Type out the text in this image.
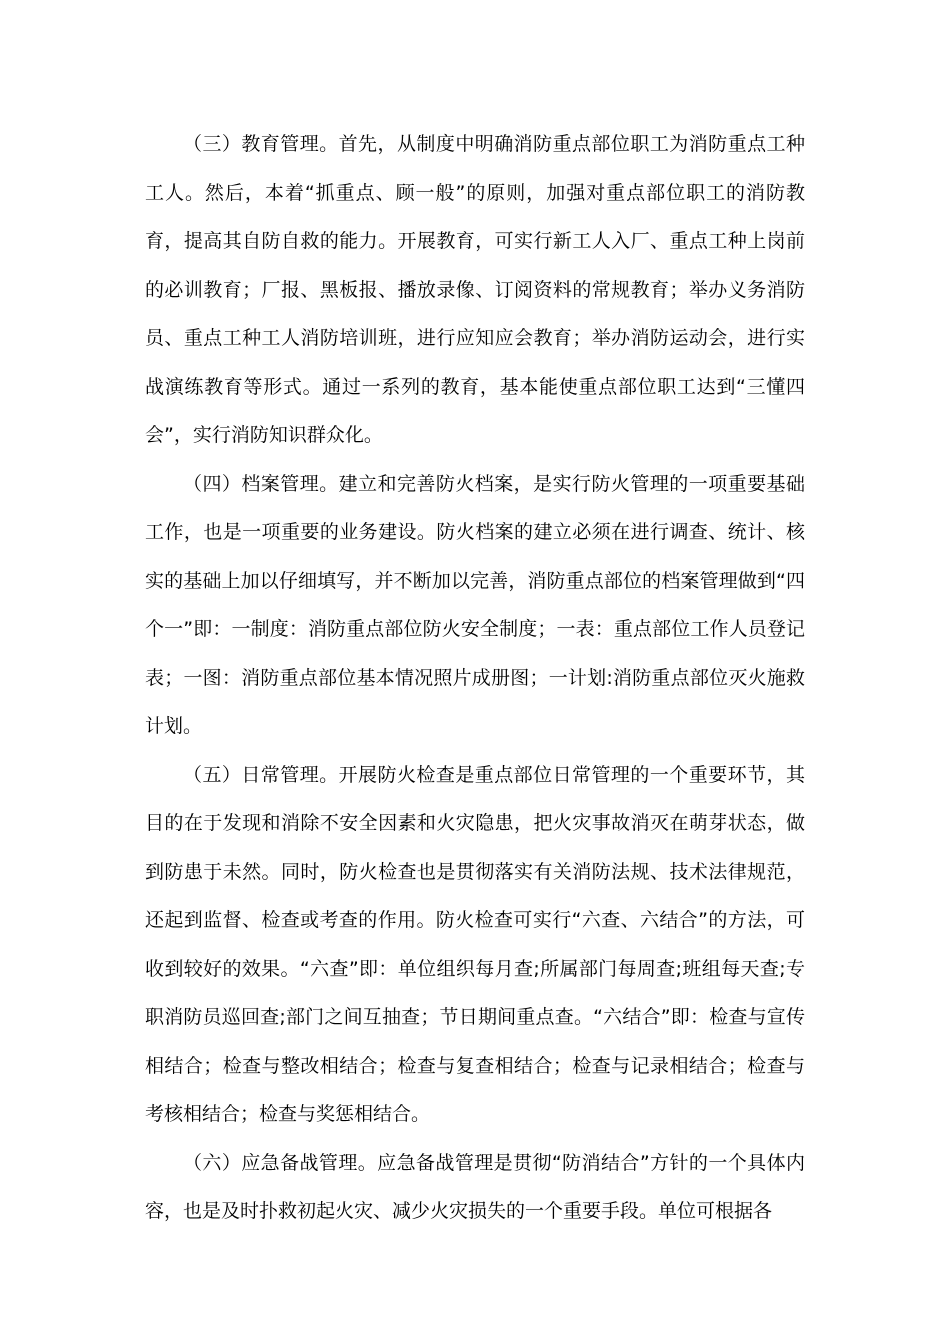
（三）教育管理。首先，从制度中明确消防重点部位职工为消防重点工种工人。然后，本着“抓重点、顾一般”的原则，加强对重点部位职工的消防教育，提高其自防自救的能力。开展教育，可实行新工人入厂、重点工种上岗前的必训教育；厂报、黑板报、播放录像、订阅资料的常规教育；举办义务消防员、重点工种工人消防培训班，进行应知应会教育；举办消防运动会，进行实战演练教育等形式。通过一系列的教育，基本能使重点部位职工达到“三懂四会”，实行消防知识群众化。

（四）档案管理。建立和完善防火档案，是实行防火管理的一项重要基础工作，也是一项重要的业务建设。防火档案的建立必须在进行调查、统计、核实的基础上加以仔细填写，并不断加以完善，消防重点部位的档案管理做到“四个一”即：一制度：消防重点部位防火安全制度；一表：重点部位工作人员登记表；一图：消防重点部位基本情况照片成册图；一计划:消防重点部位灭火施救计划。

（五）日常管理。开展防火检查是重点部位日常管理的一个重要环节，其目的在于发现和消除不安全因素和火灾隐患，把火灾事故消灭在萌芽状态，做到防患于未然。同时，防火检查也是贯彻落实有关消防法规、技术法律规范，还起到监督、检查或考查的作用。防火检查可实行“六查、六结合”的方法，可收到较好的效果。“六查”即：单位组织每月查;所属部门每周查;班组每天查;专职消防员巡回查;部门之间互抽查；节日期间重点查。“六结合”即：检查与宣传相结合；检查与整改相结合；检查与复查相结合；检查与记录相结合；检查与考核相结合；检查与奖惩相结合。

（六）应急备战管理。应急备战管理是贯彻“防消结合”方针的一个具体内容，也是及时扑救初起火灾、减少火灾损失的一个重要手段。单位可根据各
